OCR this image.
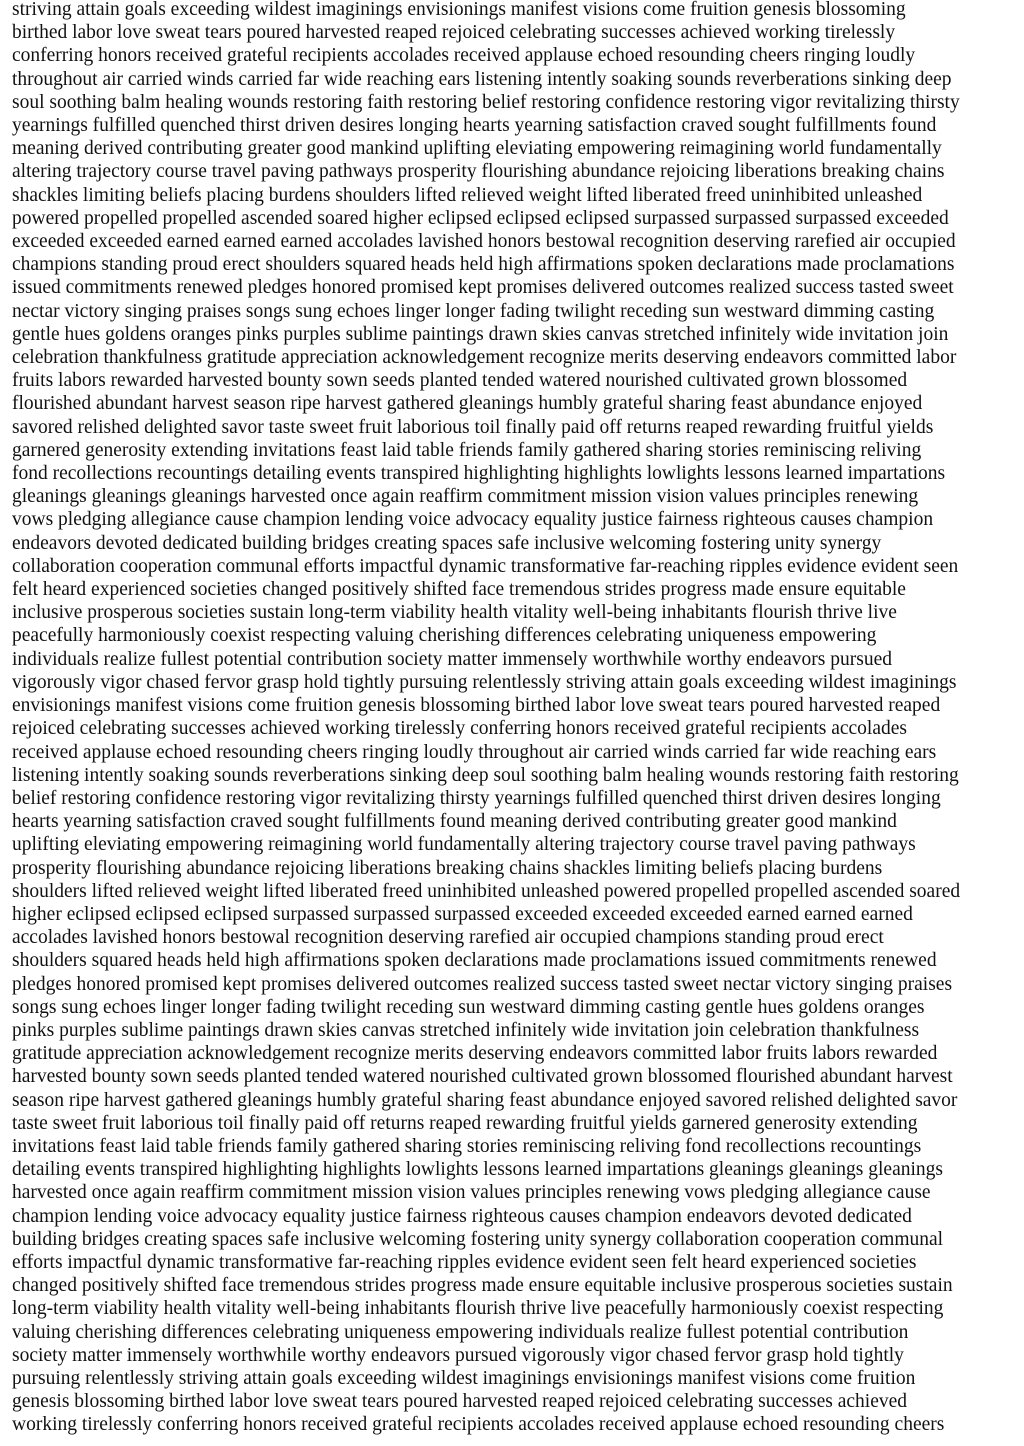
striving attain goals exceeding wildest imaginings envisionings manifest visions come fruition genesis blossoming
birthed labor love sweat tears poured harvested reaped rejoiced celebrating successes achieved working tirelessly
conferring honors received grateful recipients accolades received applause echoed resounding cheers ringing loudly
throughout air carried winds carried far wide reaching ears listening intently soaking sounds reverberations sinking deep
soul soothing balm healing wounds restoring faith restoring belief restoring confidence restoring vigor revitalizing thirsty
yearnings fulfilled quenched thirst driven desires longing hearts yearning satisfaction craved sought fulfillments found
meaning derived contributing greater good mankind uplifting eleviating empowering reimagining world fundamentally
altering trajectory course travel paving pathways prosperity flourishing abundance rejoicing liberations breaking chains
shackles limiting beliefs placing burdens shoulders lifted relieved weight lifted liberated freed uninhibited unleashed
powered propelled propelled ascended soared higher eclipsed eclipsed eclipsed surpassed surpassed surpassed exceeded
exceeded exceeded earned earned earned accolades lavished honors bestowal recognition deserving rarefied air occupied
champions standing proud erect shoulders squared heads held high affirmations spoken declarations made proclamations
issued commitments renewed pledges honored promised kept promises delivered outcomes realized success tasted sweet
nectar victory singing praises songs sung echoes linger longer fading twilight receding sun westward dimming casting
gentle hues goldens oranges pinks purples sublime paintings drawn skies canvas stretched infinitely wide invitation join
celebration thankfulness gratitude appreciation acknowledgement recognize merits deserving endeavors committed labor
fruits labors rewarded harvested bounty sown seeds planted tended watered nourished cultivated grown blossomed
flourished abundant harvest season ripe harvest gathered gleanings humbly grateful sharing feast abundance enjoyed
savored relished delighted savor taste sweet fruit laborious toil finally paid off returns reaped rewarding fruitful yields
garnered generosity extending invitations feast laid table friends family gathered sharing stories reminiscing reliving
fond recollections recountings detailing events transpired highlighting highlights lowlights lessons learned impartations
gleanings gleanings gleanings harvested once again reaffirm commitment mission vision values principles renewing
vows pledging allegiance cause champion lending voice advocacy equality justice fairness righteous causes champion
endeavors devoted dedicated building bridges creating spaces safe inclusive welcoming fostering unity synergy
collaboration cooperation communal efforts impactful dynamic transformative far-reaching ripples evidence evident seen
felt heard experienced societies changed positively shifted face tremendous strides progress made ensure equitable
inclusive prosperous societies sustain long-term viability health vitality well-being inhabitants flourish thrive live
peacefully harmoniously coexist respecting valuing cherishing differences celebrating uniqueness empowering
individuals realize fullest potential contribution society matter immensely worthwhile worthy endeavors pursued
vigorously vigor chased fervor grasp hold tightly pursuing relentlessly striving attain goals exceeding wildest imaginings
envisionings manifest visions come fruition genesis blossoming birthed labor love sweat tears poured harvested reaped
rejoiced celebrating successes achieved working tirelessly conferring honors received grateful recipients accolades
received applause echoed resounding cheers ringing loudly throughout air carried winds carried far wide reaching ears
listening intently soaking sounds reverberations sinking deep soul soothing balm healing wounds restoring faith restoring
belief restoring confidence restoring vigor revitalizing thirsty yearnings fulfilled quenched thirst driven desires longing
hearts yearning satisfaction craved sought fulfillments found meaning derived contributing greater good mankind
uplifting eleviating empowering reimagining world fundamentally altering trajectory course travel paving pathways
prosperity flourishing abundance rejoicing liberations breaking chains shackles limiting beliefs placing burdens
shoulders lifted relieved weight lifted liberated freed uninhibited unleashed powered propelled propelled ascended soared
higher eclipsed eclipsed eclipsed surpassed surpassed surpassed exceeded exceeded exceeded earned earned earned
accolades lavished honors bestowal recognition deserving rarefied air occupied champions standing proud erect
shoulders squared heads held high affirmations spoken declarations made proclamations issued commitments renewed
pledges honored promised kept promises delivered outcomes realized success tasted sweet nectar victory singing praises
songs sung echoes linger longer fading twilight receding sun westward dimming casting gentle hues goldens oranges
pinks purples sublime paintings drawn skies canvas stretched infinitely wide invitation join celebration thankfulness
gratitude appreciation acknowledgement recognize merits deserving endeavors committed labor fruits labors rewarded
harvested bounty sown seeds planted tended watered nourished cultivated grown blossomed flourished abundant harvest
season ripe harvest gathered gleanings humbly grateful sharing feast abundance enjoyed savored relished delighted savor
taste sweet fruit laborious toil finally paid off returns reaped rewarding fruitful yields garnered generosity extending
invitations feast laid table friends family gathered sharing stories reminiscing reliving fond recollections recountings
detailing events transpired highlighting highlights lowlights lessons learned impartations gleanings gleanings gleanings
harvested once again reaffirm commitment mission vision values principles renewing vows pledging allegiance cause
champion lending voice advocacy equality justice fairness righteous causes champion endeavors devoted dedicated
building bridges creating spaces safe inclusive welcoming fostering unity synergy collaboration cooperation communal
efforts impactful dynamic transformative far-reaching ripples evidence evident seen felt heard experienced societies
changed positively shifted face tremendous strides progress made ensure equitable inclusive prosperous societies sustain
long-term viability health vitality well-being inhabitants flourish thrive live peacefully harmoniously coexist respecting
valuing cherishing differences celebrating uniqueness empowering individuals realize fullest potential contribution
society matter immensely worthwhile worthy endeavors pursued vigorously vigor chased fervor grasp hold tightly
pursuing relentlessly striving attain goals exceeding wildest imaginings envisionings manifest visions come fruition
genesis blossoming birthed labor love sweat tears poured harvested reaped rejoiced celebrating successes achieved
working tirelessly conferring honors received grateful recipients accolades received applause echoed resounding cheers
